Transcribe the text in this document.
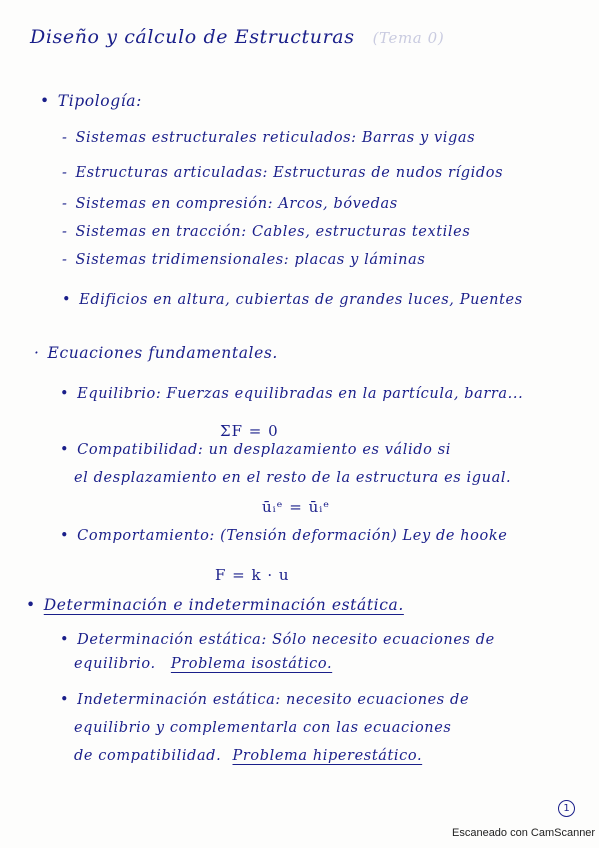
Diseño y cálculo de Estructuras (Tema 0)
• Tipología:
- Sistemas estructurales reticulados: Barras y vigas
- Estructuras articuladas: Estructuras de nudos rígidos
- Sistemas en compresión: Arcos, bóvedas
- Sistemas en tracción: Cables, estructuras textiles
- Sistemas tridimensionales: placas y láminas
• Edificios en altura, cubiertas de grandes luces, Puentes
· Ecuaciones fundamentales.
• Equilibrio: Fuerzas equilibradas en la partícula, barra...
ΣF = 0
• Compatibilidad: un desplazamiento es válido si
el desplazamiento en el resto de la estructura es igual.
ūᵢᵉ = ūᵢᵉ
• Comportamiento: (Tensión deformación) Ley de hooke
F = k · u
• Determinación e indeterminación estática.
• Determinación estática: Sólo necesito ecuaciones de
equilibrio. Problema isostático.
• Indeterminación estática: necesito ecuaciones de
equilibrio y complementarla con las ecuaciones
de compatibilidad. Problema hiperestático.
1
Escaneado con CamScanner
